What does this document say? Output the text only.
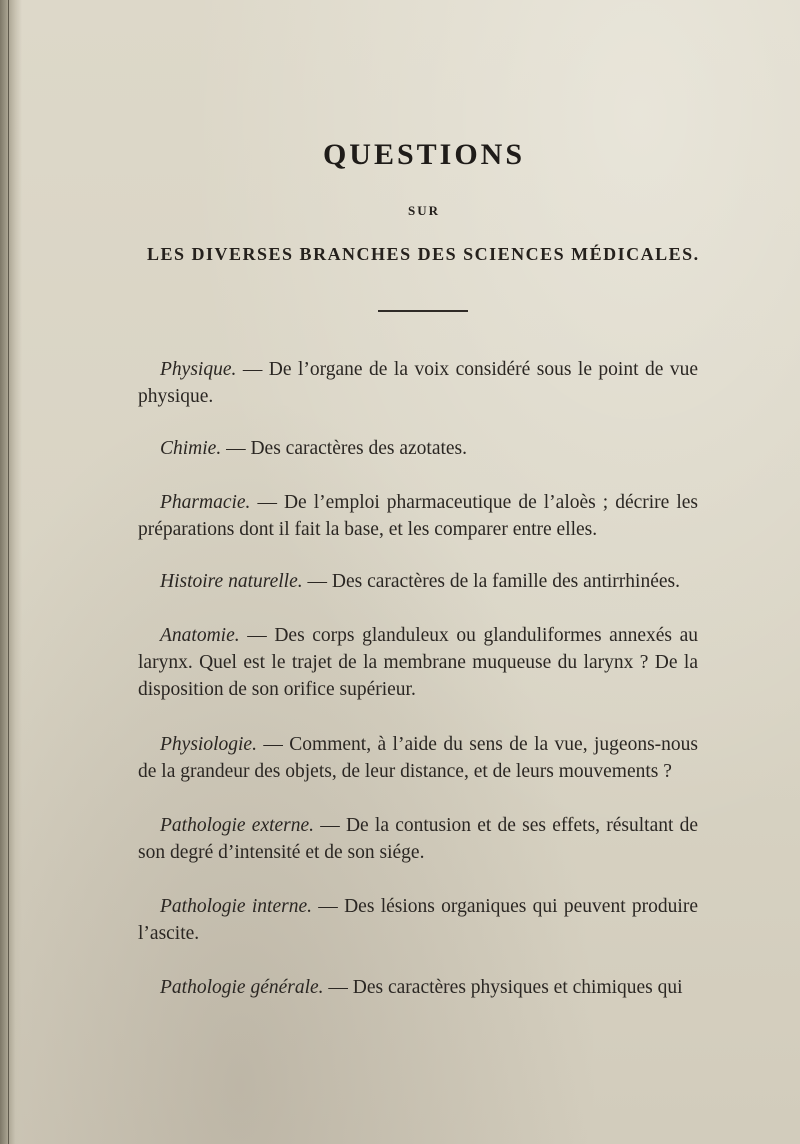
QUESTIONS
SUR
LES DIVERSES BRANCHES DES SCIENCES MÉDICALES.

Physique. — De l’organe de la voix considéré sous le point de vue physique.

Chimie. — Des caractères des azotates.

Pharmacie. — De l’emploi pharmaceutique de l’aloès ; décrire les préparations dont il fait la base, et les comparer entre elles.

Histoire naturelle. — Des caractères de la famille des antirrhinées.

Anatomie. — Des corps glanduleux ou glanduliformes annexés au larynx. Quel est le trajet de la membrane muqueuse du larynx ? De la disposition de son orifice supérieur.

Physiologie. — Comment, à l’aide du sens de la vue, jugeons-nous de la grandeur des objets, de leur distance, et de leurs mouvements ?

Pathologie externe. — De la contusion et de ses effets, résultant de son degré d’intensité et de son siége.

Pathologie interne. — Des lésions organiques qui peuvent produire l’ascite.

Pathologie générale. — Des caractères physiques et chimiques qui
